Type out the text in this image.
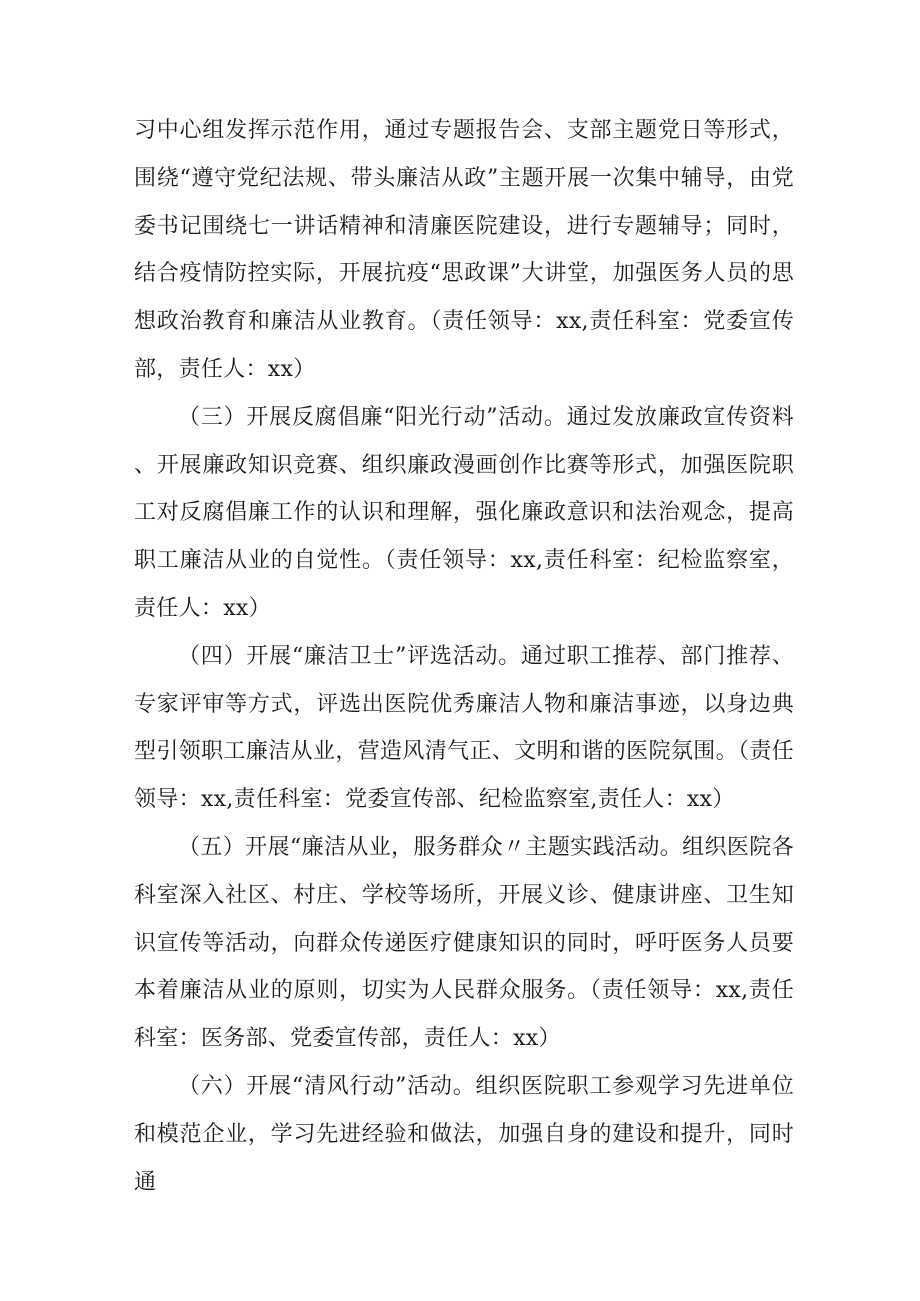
习中心组发挥示范作用，通过专题报告会、支部主题党日等形式，围绕“遵守党纪法规、带头廉洁从政”主题开展一次集中辅导，由党委书记围绕七一讲话精神和清廉医院建设，进行专题辅导；同时，结合疫情防控实际，开展抗疫“思政课”大讲堂，加强医务人员的思想政治教育和廉洁从业教育。（责任领导：xx,责任科室：党委宣传部，责任人：xx）

（三）开展反腐倡廉“阳光行动”活动。通过发放廉政宣传资料、开展廉政知识竞赛、组织廉政漫画创作比赛等形式，加强医院职工对反腐倡廉工作的认识和理解，强化廉政意识和法治观念，提高职工廉洁从业的自觉性。（责任领导：xx,责任科室：纪检监察室，责任人：xx）

（四）开展“廉洁卫士”评选活动。通过职工推荐、部门推荐、专家评审等方式，评选出医院优秀廉洁人物和廉洁事迹，以身边典型引领职工廉洁从业，营造风清气正、文明和谐的医院氛围。（责任领导：xx,责任科室：党委宣传部、纪检监察室,责任人：xx）

（五）开展“廉洁从业，服务群众〃主题实践活动。组织医院各科室深入社区、村庄、学校等场所，开展义诊、健康讲座、卫生知识宣传等活动，向群众传递医疗健康知识的同时，呼吁医务人员要本着廉洁从业的原则，切实为人民群众服务。（责任领导：xx,责任科室：医务部、党委宣传部，责任人：xx）

（六）开展“清风行动”活动。组织医院职工参观学习先进单位和模范企业，学习先进经验和做法，加强自身的建设和提升，同时通
